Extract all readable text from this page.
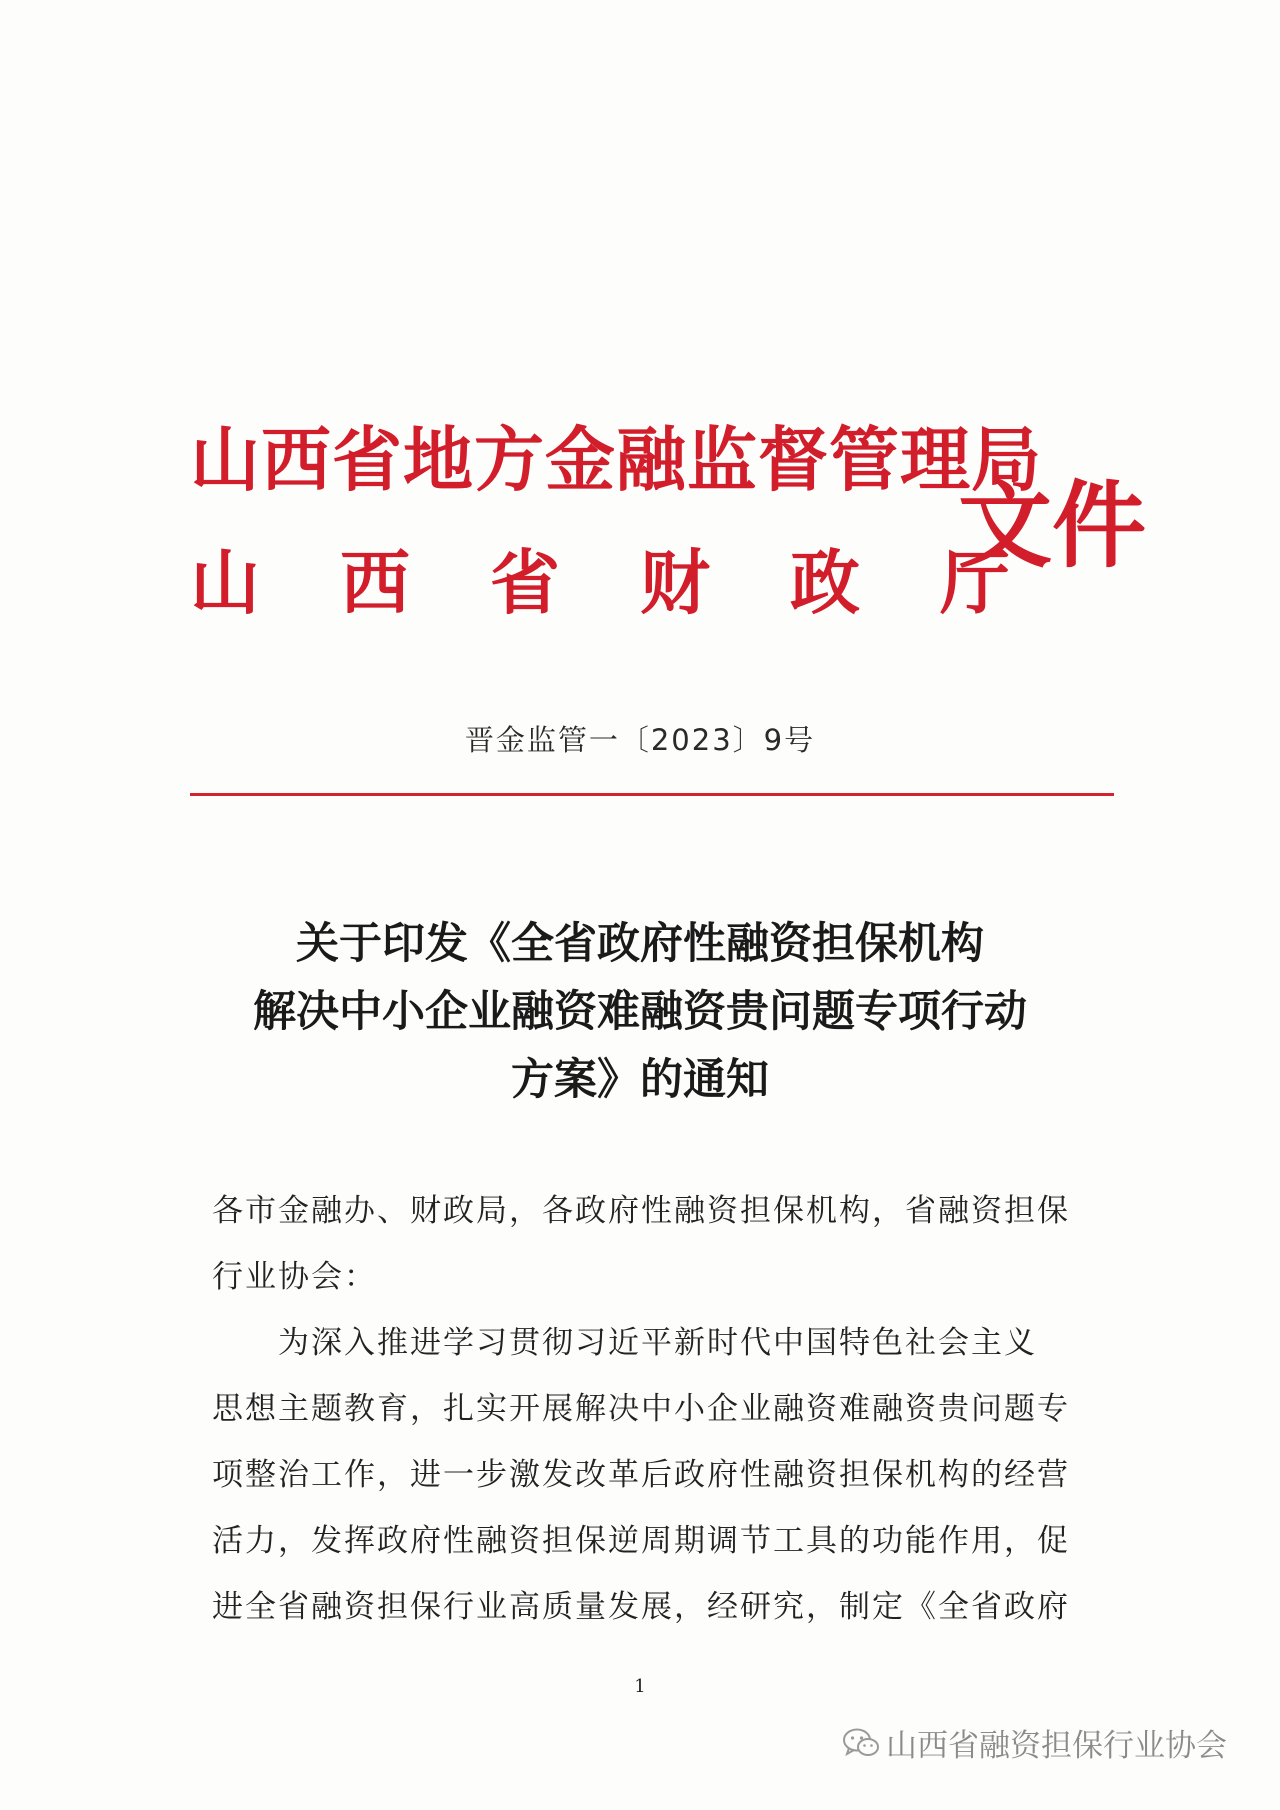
山西省地方金融监督管理局
山西省财政厅
文件
晋金监管一〔2023〕9号
关于印发《全省政府性融资担保机构
解决中小企业融资难融资贵问题专项行动
方案》的通知
各市金融办、财政局，各政府性融资担保机构，省融资担保
行业协会：
为深入推进学习贯彻习近平新时代中国特色社会主义
思想主题教育，扎实开展解决中小企业融资难融资贵问题专
项整治工作，进一步激发改革后政府性融资担保机构的经营
活力，发挥政府性融资担保逆周期调节工具的功能作用，促
进全省融资担保行业高质量发展，经研究，制定《全省政府
1
山西省融资担保行业协会
